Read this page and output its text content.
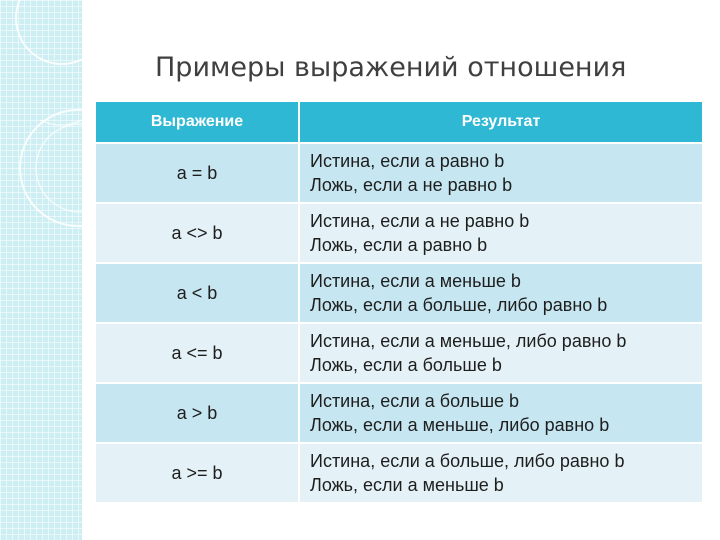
Примеры выражений отношения
Выражение	Результат
a = b	Истина, если a равно b
Ложь, если a не равно b

a <> b	Истина, если a не равно b
Ложь, если a равно b

a < b	Истина, если a меньше b
Ложь, если a больше, либо равно b

a <= b	Истина, если a меньше, либо равно b
Ложь, если a больше b

a > b	Истина, если a больше b
Ложь, если a меньше, либо равно b

a >= b	Истина, если a больше, либо равно b
Ложь, если a меньше b
